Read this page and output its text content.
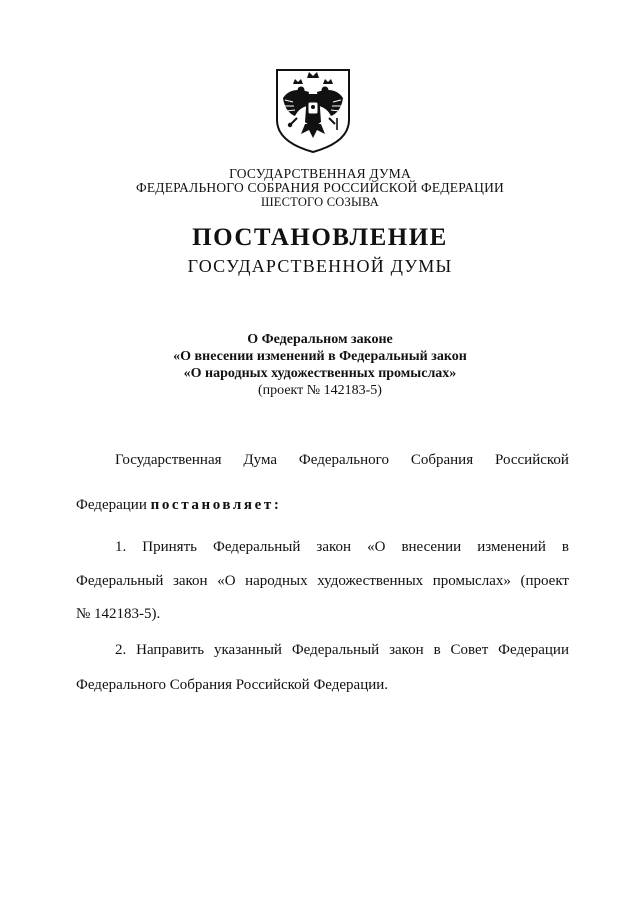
ГОСУДАРСТВЕННАЯ ДУМА
ФЕДЕРАЛЬНОГО СОБРАНИЯ РОССИЙСКОЙ ФЕДЕРАЦИИ
ШЕСТОГО СОЗЫВА
ПОСТАНОВЛЕНИЕ
ГОСУДАРСТВЕННОЙ ДУМЫ
О Федеральном законе
«О внесении изменений в Федеральный закон
«О народных художественных промыслах»
(проект № 142183-5)
Государственная Дума Федерального Собрания Российской
Федерации постановляет:
1. Принять Федеральный закон «О внесении изменений в
Федеральный закон «О народных художественных промыслах» (проект
№ 142183-5).
2. Направить указанный Федеральный закон в Совет Федерации
Федерального Собрания Российской Федерации.
